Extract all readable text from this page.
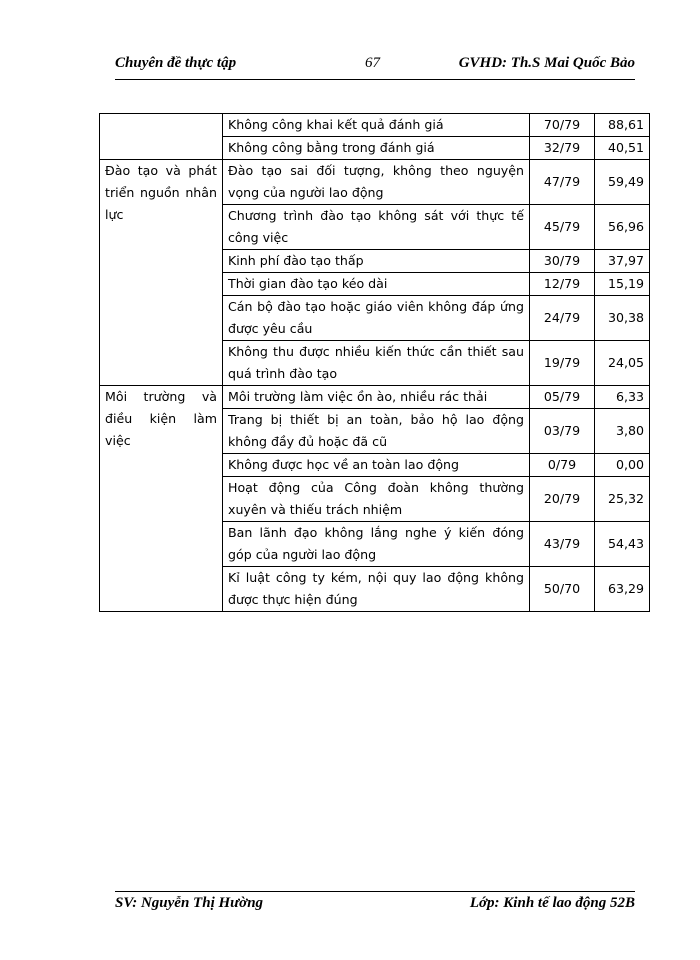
Chuyên đề thực tập	67	GVHD: Th.S Mai Quốc Bảo
	Không công khai kết quả đánh giá	70/79	88,61
	Không công bằng trong đánh giá	32/79	40,51
Đào tạo và phát triển nguồn nhân lực	Đào tạo sai đối tượng, không theo nguyện vọng của người lao động	47/79	59,49
	Chương trình đào tạo không sát với thực tế công việc	45/79	56,96
	Kinh phí đào tạo thấp	30/79	37,97
	Thời gian đào tạo kéo dài	12/79	15,19
	Cán bộ đào tạo hoặc giáo viên không đáp ứng được yêu cầu	24/79	30,38
	Không thu được nhiều kiến thức cần thiết sau quá trình đào tạo	19/79	24,05
Môi trường và điều kiện làm việc	Môi trường làm việc ồn ào, nhiều rác thải	05/79	6,33
	Trang bị thiết bị an toàn, bảo hộ lao động không đầy đủ hoặc đã cũ	03/79	3,80
	Không được học về an toàn lao động	0/79	0,00
	Hoạt động của Công đoàn không thường xuyên và thiếu trách nhiệm	20/79	25,32
	Ban lãnh đạo không lắng nghe ý kiến đóng góp của người lao động	43/79	54,43
	Kỉ luật công ty kém, nội quy lao động không được thực hiện đúng	50/70	63,29
SV: Nguyễn Thị Hường	Lớp: Kinh tế lao động 52B
